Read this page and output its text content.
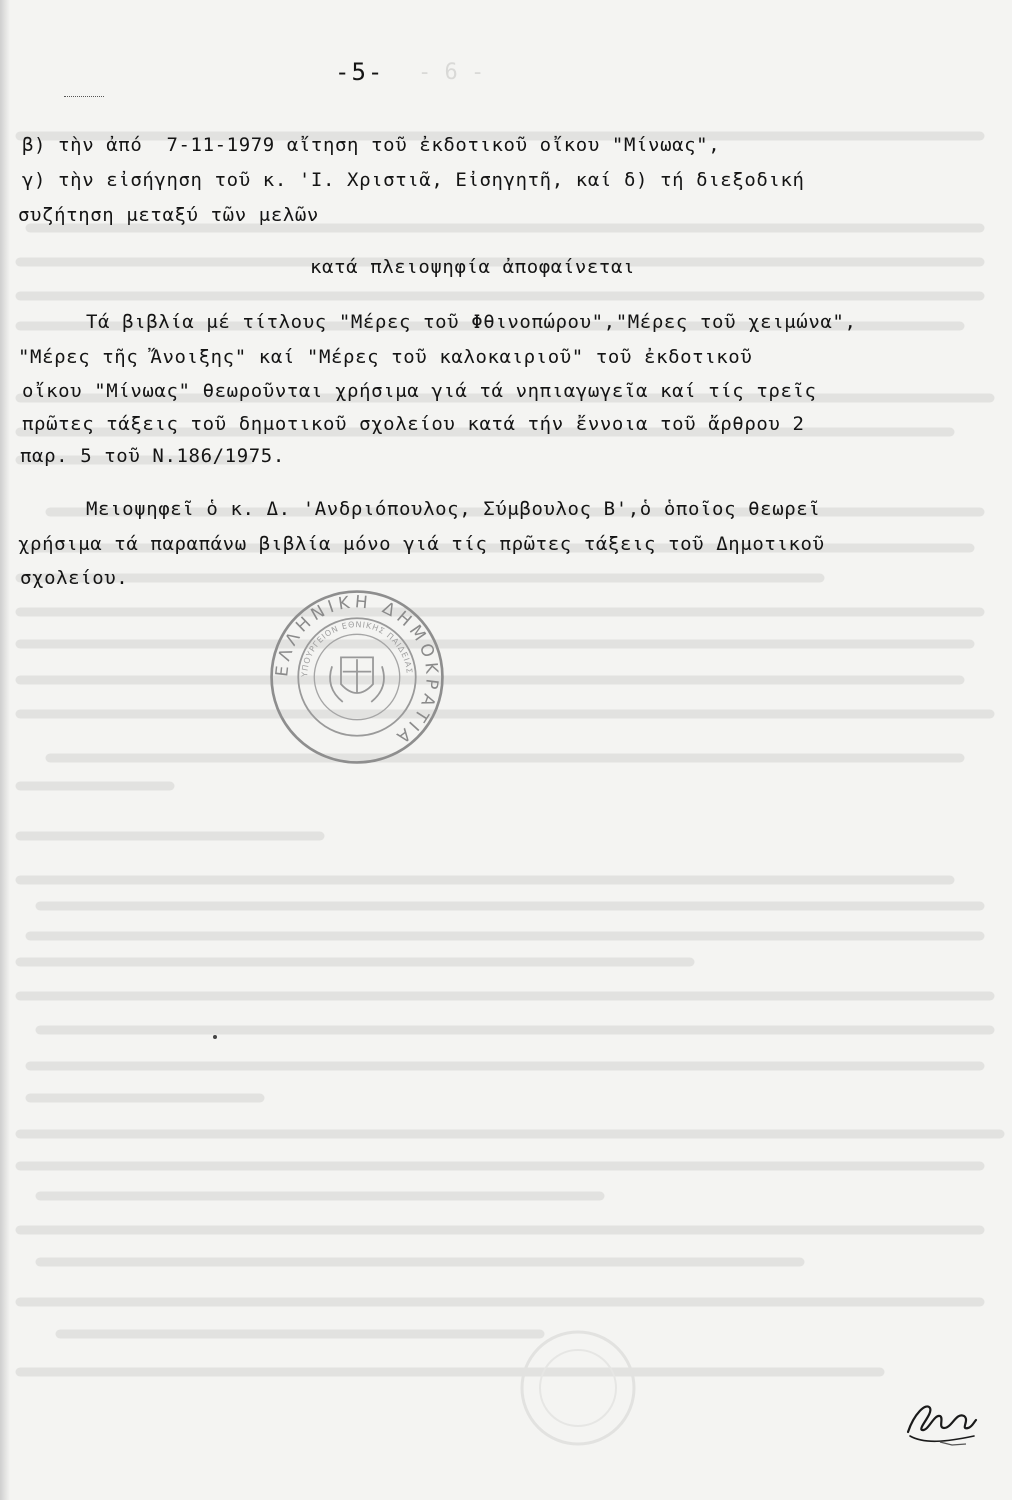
-5- - 6 -
β) τὴν ἀπό  7-11-1979 αἴτηση τοῦ ἐκδοτικοῦ οἴκου "Μίνωας",
γ) τὴν εἰσήγηση τοῦ κ. 'Ι. Χριστιᾶ, Εἰσηγητῆ, καί δ) τή διεξοδική
συζήτηση μεταξύ τῶν μελῶν
κατά πλειοψηφία ἀποφαίνεται
Τά βιβλία μέ τίτλους "Μέρες τοῦ Φθινοπώρου","Μέρες τοῦ χειμώνα",
"Μέρες τῆς Ἄνοιξης" καί "Μέρες τοῦ καλοκαιριοῦ" τοῦ ἐκδοτικοῦ
οἴκου "Μίνωας" θεωροῦνται χρήσιμα γιά τά νηπιαγωγεῖα καί τίς τρεῖς
πρῶτες τάξεις τοῦ δημοτικοῦ σχολείου κατά τήν ἔννοια τοῦ ἄρθρου 2
παρ. 5 τοῦ Ν.186/1975.
Μειοψηφεῖ ὁ κ. Δ. 'Ανδριόπουλος, Σύμβουλος Β',ὁ ὁποῖος θεωρεῖ
χρήσιμα τά παραπάνω βιβλία μόνο γιά τίς πρῶτες τάξεις τοῦ Δημοτικοῦ
σχολείου.
ΕΛΛΗΝΙΚΗ ΔΗΜΟΚΡΑΤΙΑ
ΥΠΟΥΡΓΕΙΟΝ ΕΘΝΙΚΗΣ ΠΑΙΔΕΙΑΣ
